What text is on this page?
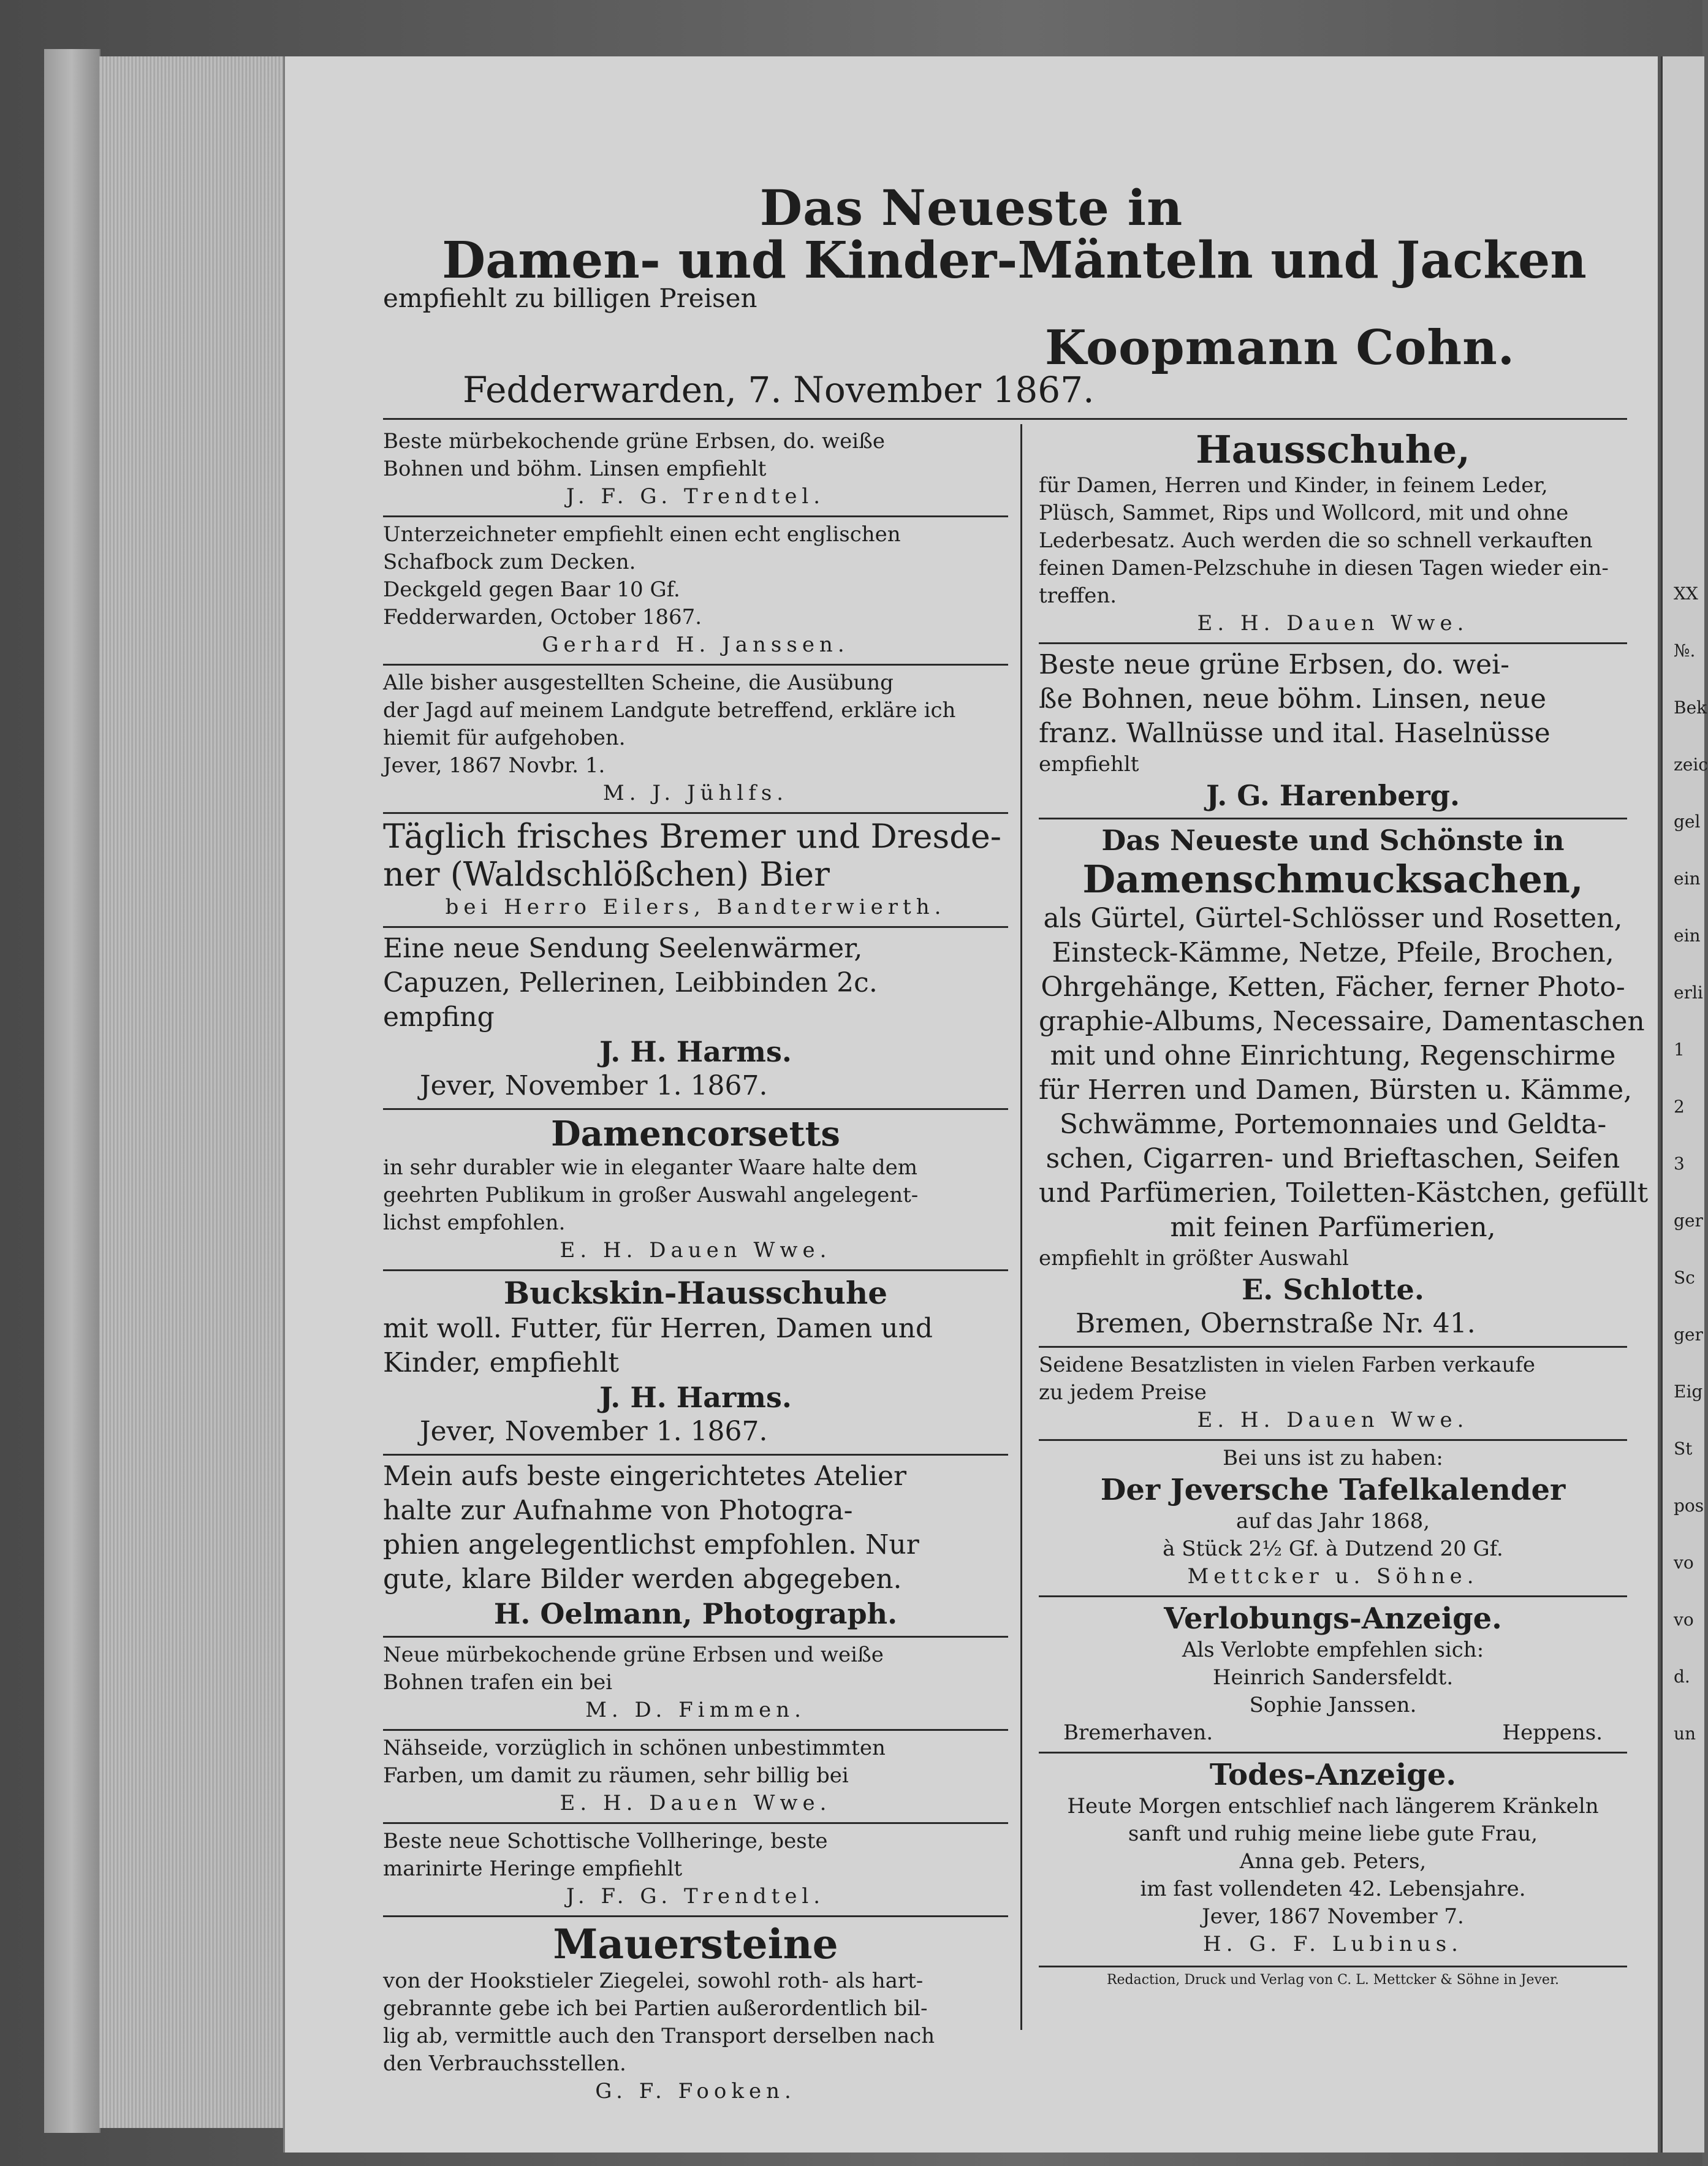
XX
№.
Bek
zeic
gel
ein
ein
erli
1
2
3
ger
Sc
ger
Eig
St
pos
vo
vo
d.
un
Das Neueste in
Damen- und Kinder-Mänteln und Jacken
empfiehlt zu billigen Preisen
Koopmann Cohn.
Fedderwarden, 7. November 1867.
Beste mürbekochende grüne Erbsen, do. weiße
Bohnen und böhm. Linsen empfiehlt
J. F. G. Trendtel.
Unterzeichneter empfiehlt einen echt englischen
Schafbock zum Decken.
Deckgeld gegen Baar 10 Gf.
Fedderwarden, October 1867.
Gerhard H. Janssen.
Alle bisher ausgestellten Scheine, die Ausübung
der Jagd auf meinem Landgute betreffend, erkläre ich
hiemit für aufgehoben.
Jever, 1867 Novbr. 1.
M. J. Jühlfs.
Täglich frisches Bremer und Dresde-
ner (Waldschlößchen) Bier
bei Herro Eilers, Bandterwierth.
Eine neue Sendung Seelenwärmer,
Capuzen, Pellerinen, Leibbinden 2c.
empfing
J. H. Harms.
Jever, November 1. 1867.
Damencorsetts
in sehr durabler wie in eleganter Waare halte dem
geehrten Publikum in großer Auswahl angelegent-
lichst empfohlen.
E. H. Dauen Wwe.
Buckskin-Hausschuhe
mit woll. Futter, für Herren, Damen und
Kinder, empfiehlt
J. H. Harms.
Jever, November 1. 1867.
Mein aufs beste eingerichtetes Atelier
halte zur Aufnahme von Photogra-
phien angelegentlichst empfohlen. Nur
gute, klare Bilder werden abgegeben.
H. Oelmann, Photograph.
Neue mürbekochende grüne Erbsen und weiße
Bohnen trafen ein bei
M. D. Fimmen.
Nähseide, vorzüglich in schönen unbestimmten
Farben, um damit zu räumen, sehr billig bei
E. H. Dauen Wwe.
Beste neue Schottische Vollheringe, beste
marinirte Heringe empfiehlt
J. F. G. Trendtel.
Mauersteine
von der Hookstieler Ziegelei, sowohl roth- als hart-
gebrannte gebe ich bei Partien außerordentlich bil-
lig ab, vermittle auch den Transport derselben nach
den Verbrauchsstellen.
G. F. Fooken.
Hausschuhe,
für Damen, Herren und Kinder, in feinem Leder,
Plüsch, Sammet, Rips und Wollcord, mit und ohne
Lederbesatz. Auch werden die so schnell verkauften
feinen Damen-Pelzschuhe in diesen Tagen wieder ein-
treffen.
E. H. Dauen Wwe.
Beste neue grüne Erbsen, do. wei-
ße Bohnen, neue böhm. Linsen, neue
franz. Wallnüsse und ital. Haselnüsse
empfiehlt
J. G. Harenberg.
Das Neueste und Schönste in
Damenschmucksachen,
als Gürtel, Gürtel-Schlösser und Rosetten,
Einsteck-Kämme, Netze, Pfeile, Brochen,
Ohrgehänge, Ketten, Fächer, ferner Photo-
graphie-Albums, Necessaire, Damentaschen
mit und ohne Einrichtung, Regenschirme
für Herren und Damen, Bürsten u. Kämme,
Schwämme, Portemonnaies und Geldta-
schen, Cigarren- und Brieftaschen, Seifen
und Parfümerien, Toiletten-Kästchen, gefüllt
mit feinen Parfümerien,
empfiehlt in größter Auswahl
E. Schlotte.
Bremen, Obernstraße Nr. 41.
Seidene Besatzlisten in vielen Farben verkaufe
zu jedem Preise
E. H. Dauen Wwe.
Bei uns ist zu haben:
Der Jeversche Tafelkalender
auf das Jahr 1868,
à Stück 2½ Gf. à Dutzend 20 Gf.
Mettcker u. Söhne.
Verlobungs-Anzeige.
Als Verlobte empfehlen sich:
Heinrich Sandersfeldt.
Sophie Janssen.
Bremerhaven.	Heppens.
Todes-Anzeige.
Heute Morgen entschlief nach längerem Kränkeln
sanft und ruhig meine liebe gute Frau,
Anna geb. Peters,
im fast vollendeten 42. Lebensjahre.
Jever, 1867 November 7.
H. G. F. Lubinus.
Redaction, Druck und Verlag von C. L. Mettcker & Söhne in Jever.
